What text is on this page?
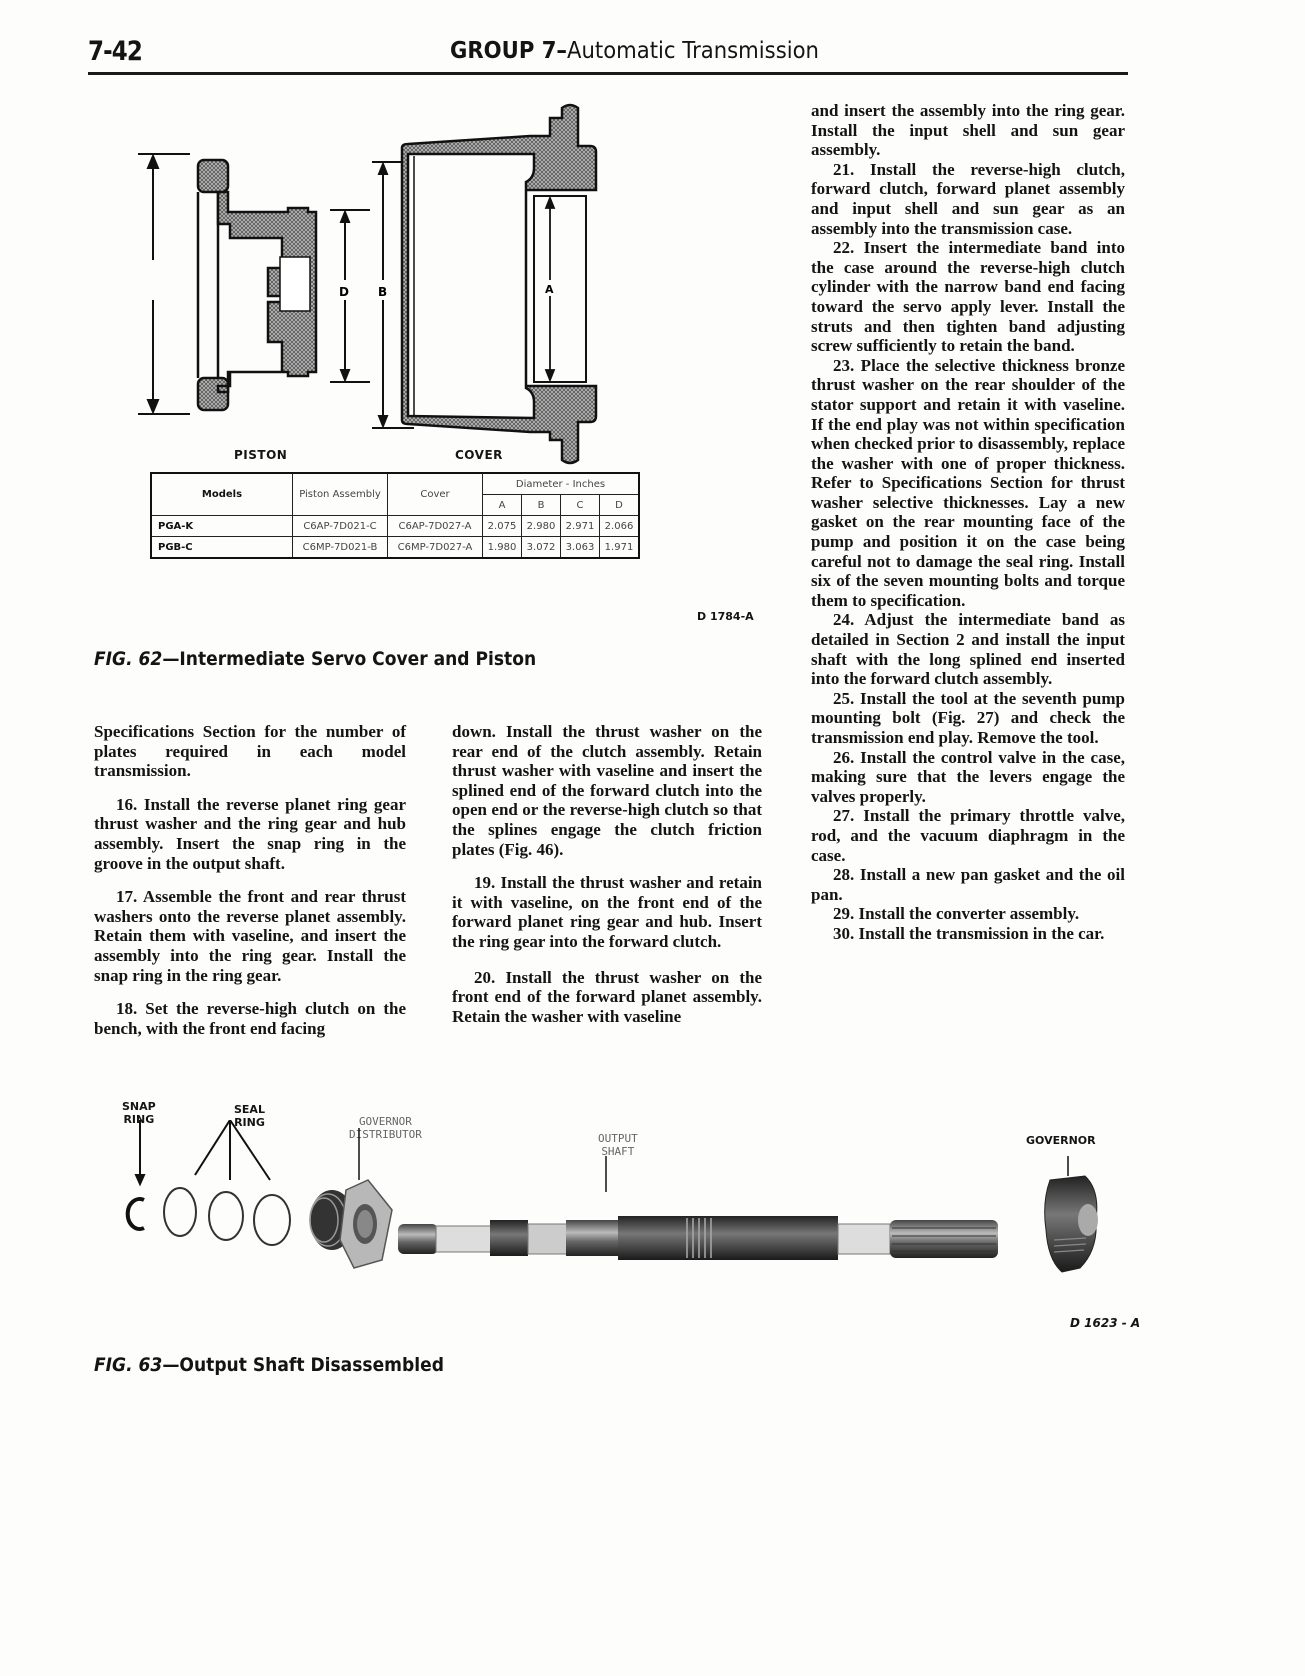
7-42	GROUP 7–Automatic Transmission
D B	A
PISTON	COVER
Models	Piston Assembly	Cover	Diameter - Inches			
			A	B	C	D
PGA-K	C6AP-7D021-C	C6AP-7D027-A	2.075	2.980	2.971	2.066
PGB-C	C6MP-7D021-B	C6MP-7D027-A	1.980	3.072	3.063	1.971
D 1784-A
FIG. 62—Intermediate Servo Cover and Piston

Specifications Section for the number of plates required in each model transmission.

16. Install the reverse planet ring gear thrust washer and the ring gear and hub assembly. Insert the snap ring in the groove in the output shaft.

17. Assemble the front and rear thrust washers onto the reverse planet assembly. Retain them with vaseline, and insert the assembly into the ring gear. Install the snap ring in the ring gear.

18. Set the reverse-high clutch on the bench, with the front end facing

down. Install the thrust washer on the rear end of the clutch assembly. Retain thrust washer with vaseline and insert the splined end of the forward clutch into the open end or the reverse-high clutch so that the splines engage the clutch friction plates (Fig. 46).

19. Install the thrust washer and retain it with vaseline, on the front end of the forward planet ring gear and hub. Insert the ring gear into the forward clutch.

20. Install the thrust washer on the front end of the forward planet assembly. Retain the washer with vaseline

and insert the assembly into the ring gear. Install the input shell and sun gear assembly.

21. Install the reverse-high clutch, forward clutch, forward planet assembly and input shell and sun gear as an assembly into the transmission case.

22. Insert the intermediate band into the case around the reverse-high clutch cylinder with the narrow band end facing toward the servo apply lever. Install the struts and then tighten band adjusting screw sufficiently to retain the band.

23. Place the selective thickness bronze thrust washer on the rear shoulder of the stator support and retain it with vaseline. If the end play was not within specification when checked prior to disassembly, replace the washer with one of proper thickness. Refer to Specifications Section for thrust washer selective thicknesses. Lay a new gasket on the rear mounting face of the pump and position it on the case being careful not to damage the seal ring. Install six of the seven mounting bolts and torque them to specification.

24. Adjust the intermediate band as detailed in Section 2 and install the input shaft with the long splined end inserted into the forward clutch assembly.

25. Install the tool at the seventh pump mounting bolt (Fig. 27) and check the transmission end play. Remove the tool.

26. Install the control valve in the case, making sure that the levers engage the valves properly.

27. Install the primary throttle valve, rod, and the vacuum diaphragm in the case.

28. Install a new pan gasket and the oil pan.

29. Install the converter assembly.

30. Install the transmission in the car.

SNAP
RING
SEAL
RING	GOVERNOR
DISTRIBUTOR	OUTPUT
SHAFT
GOVERNOR
D 1623 - A
FIG. 63—Output Shaft Disassembled
